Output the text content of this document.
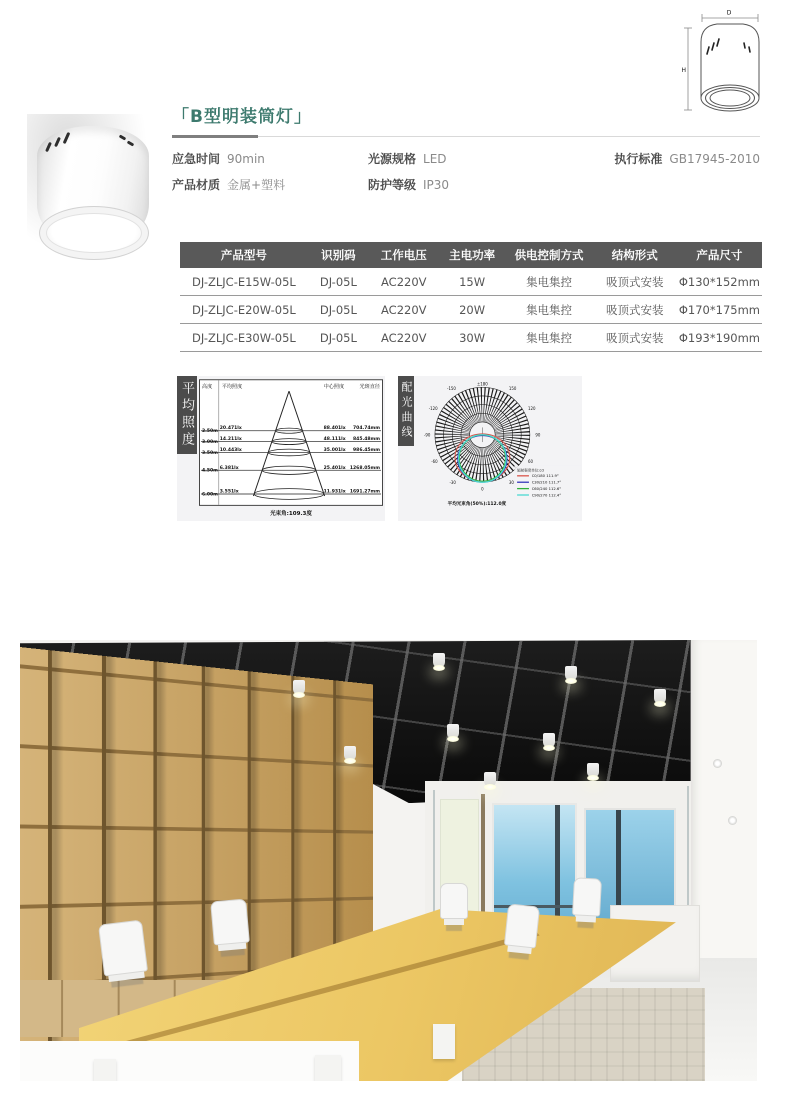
D
H
「B型明装筒灯」
应急时间 90min	光源规格 LED	执行标准 GB17945-2010
产品材质 金属+塑料	防护等级 IP30
产品型号	识别码	工作电压	主电功率	供电控制方式	结构形式	产品尺寸
DJ-ZLJC-E15W-05L	DJ-05L	AC220V	15W	集电集控	吸顶式安装	Φ130*152mm
DJ-ZLJC-E20W-05L	DJ-05L	AC220V	20W	集电集控	吸顶式安装	Φ170*175mm
DJ-ZLJC-E30W-05L	DJ-05L	AC220V	30W	集电集控	吸顶式安装	Φ193*190mm
平均照度	高度 平均照度	中心照度	光斑直径
2.50m
20.471lx	88.401lx 704.74mm
3.00m
14.211lx	48.111lx 845.48mm
3.50m
10.443lx	35.001lx 986.45mm
4.50m
6.381lx	25.401lx 1268.05mm
6.00m
3.551lx	11.931lx 1691.27mm
光束角:109.3度
配光曲线	±180
-150	150
-120	120
-90	90
-60	60
-30	30
0
辐射强度单位:cd
C0/180 111.9°
C30/210 111.7°
C60/240 112.6°
C90/270 112.4°
平均光束角(50%):112.0度
